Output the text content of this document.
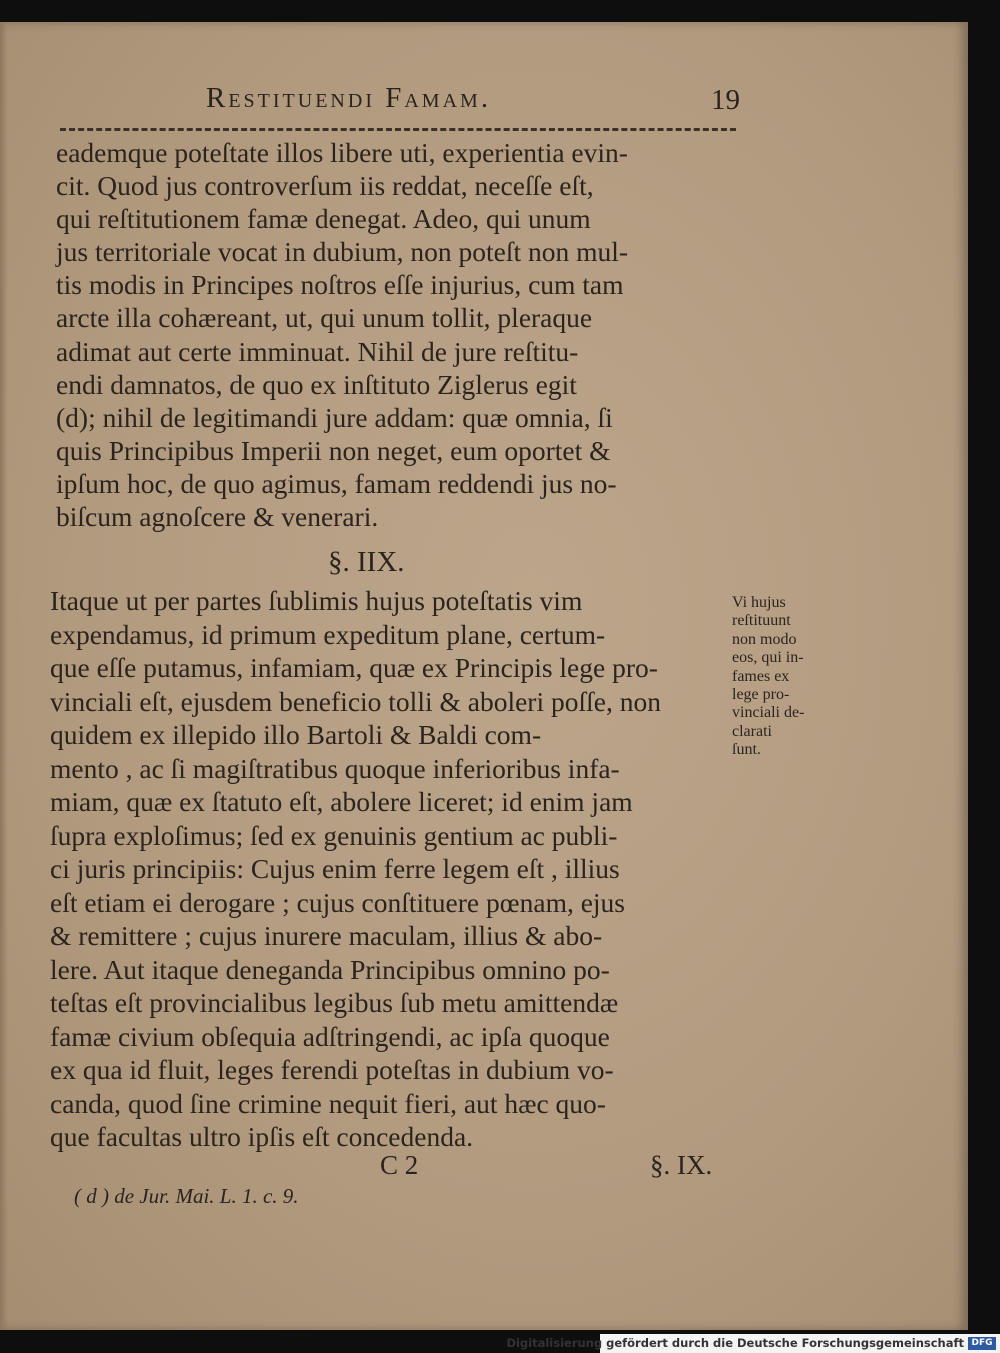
Restituendi Famam.	19
eademque poteſtate illos libere uti, experientia evin-
cit. Quod jus controverſum iis reddat, neceſſe eſt,
qui reſtitutionem famæ denegat. Adeo, qui unum
jus territoriale vocat in dubium, non poteſt non mul-
tis modis in Principes noſtros eſſe injurius, cum tam
arcte illa cohæreant, ut, qui unum tollit, pleraque
adimat aut certe imminuat. Nihil de jure reſtitu-
endi damnatos, de quo ex inſtituto Ziglerus egit
(d); nihil de legitimandi jure addam: quæ omnia, ſi
quis Principibus Imperii non neget, eum oportet &
ipſum hoc, de quo agimus, famam reddendi jus no-
biſcum agnoſcere & venerari.
§. IIX.
Itaque ut per partes ſublimis hujus poteſtatis vim
expendamus, id primum expeditum plane, certum-
que eſſe putamus, infamiam, quæ ex Principis lege pro-
vinciali eſt, ejusdem beneficio tolli & aboleri poſſe, non
quidem ex illepido illo Bartoli & Baldi com-
mento , ac ſi magiſtratibus quoque inferioribus infa-
miam, quæ ex ſtatuto eſt, abolere liceret; id enim jam
ſupra exploſimus; ſed ex genuinis gentium ac publi-
ci juris principiis: Cujus enim ferre legem eſt , illius
eſt etiam ei derogare ; cujus conſtituere pœnam, ejus
& remittere ; cujus inurere maculam, illius & abo-
lere. Aut itaque deneganda Principibus omnino po-
teſtas eſt provincialibus legibus ſub metu amittendæ
famæ civium obſequia adſtringendi, ac ipſa quoque
ex qua id fluit, leges ferendi poteſtas in dubium vo-
canda, quod ſine crimine nequit fieri, aut hæc quo-
que facultas ultro ipſis eſt concedenda.
Vi hujus
reſtituunt
non modo
eos, qui in-
fames ex
lege pro-
vinciali de-
clarati
ſunt.
C 2	§. IX.
( d ) de Jur. Mai. L. 1. c. 9.
Digitalisierung gefördert durch die Deutsche Forschungsgemeinschaft DFG
